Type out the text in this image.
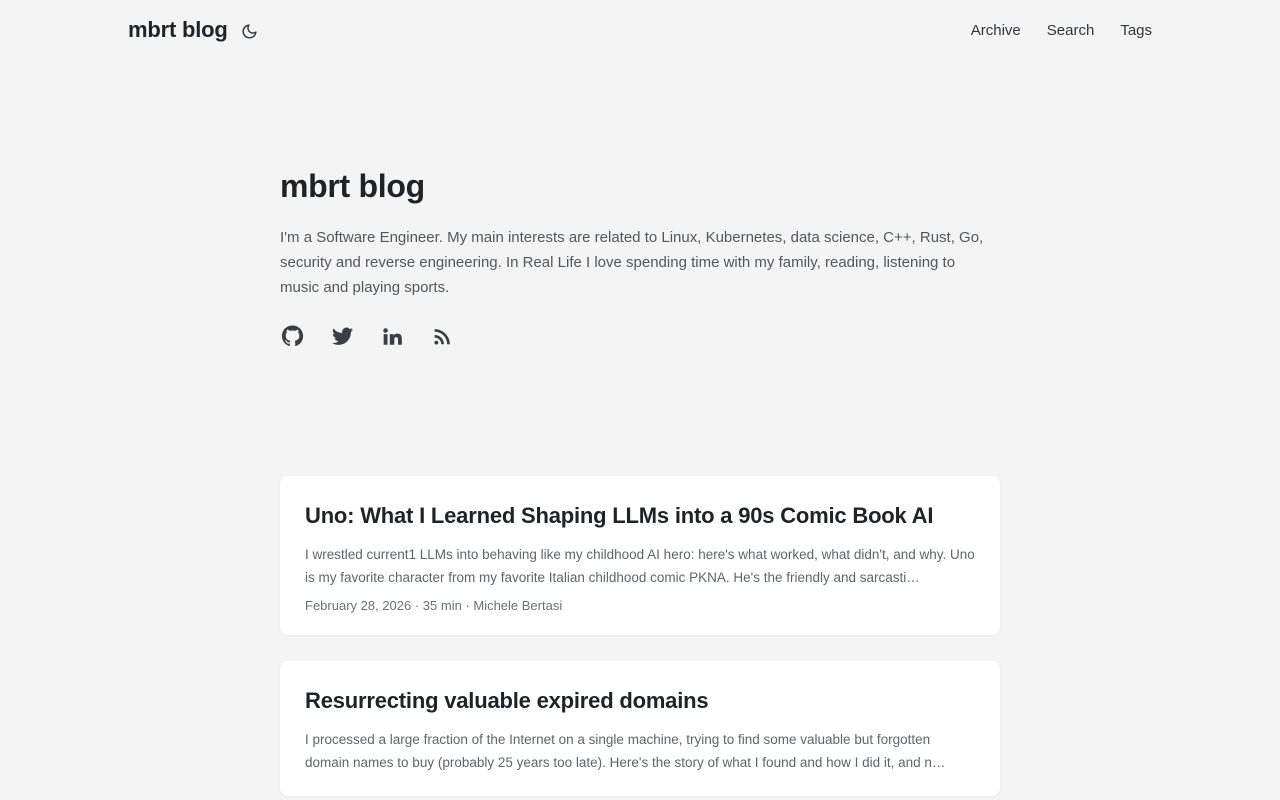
mbrt blog	Archive Search Tags
mbrt blog
I'm a Software Engineer. My main interests are related to Linux, Kubernetes, data science, C++, Rust, Go, security and reverse engineering. In Real Life I love spending time with my family, reading, listening to music and playing sports.
Uno: What I Learned Shaping LLMs into a 90s Comic Book AI
I wrestled current1 LLMs into behaving like my childhood AI hero: here's what worked, what didn't, and why. Uno is my favorite character from my favorite Italian childhood comic PKNA. He's the friendly and sarcasti…
February 28, 2026 · 35 min · Michele Bertasi
Resurrecting valuable expired domains
I processed a large fraction of the Internet on a single machine, trying to find some valuable but forgotten domain names to buy (probably 25 years too late). Here's the story of what I found and how I did it, and n…
